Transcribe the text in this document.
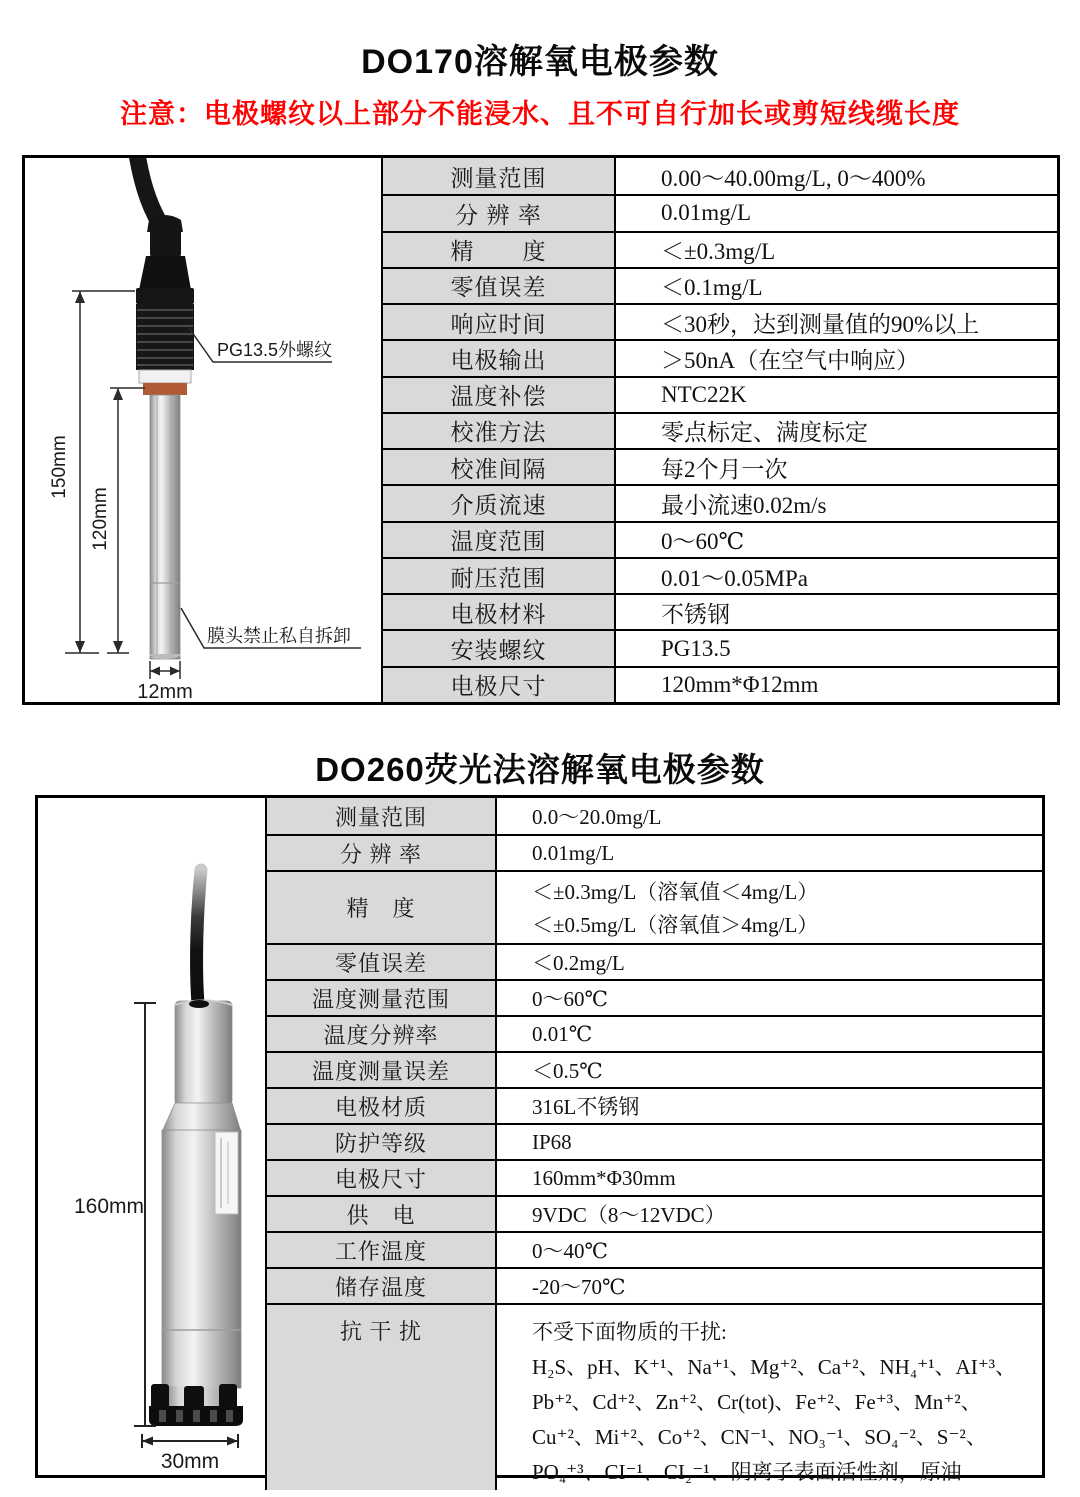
DO170溶解氧电极参数
注意：电极螺纹以上部分不能浸水、且不可自行加长或剪短线缆长度
150mm
120mm
12mm
PG13.5外螺纹
膜头禁止私自拆卸
测量范围	0.00～40.00mg/L, 0～400%
分 辨 率	0.01mg/L
精　　度	＜±0.3mg/L
零值误差	＜0.1mg/L
响应时间	＜30秒，达到测量值的90%以上
电极输出	＞50nA（在空气中响应）
温度补偿	NTC22K
校准方法	零点标定、满度标定
校准间隔	每2个月一次
介质流速	最小流速0.02m/s
温度范围	0～60℃
耐压范围	0.01～0.05MPa
电极材料	不锈钢
安装螺纹	PG13.5
电极尺寸	120mm*Φ12mm
DO260荧光法溶解氧电极参数
160mm
30mm
测量范围	0.0～20.0mg/L
分 辨 率	0.01mg/L
精　度
＜±0.3mg/L（溶氧值＜4mg/L）
＜±0.5mg/L（溶氧值＞4mg/L）
零值误差	＜0.2mg/L
温度测量范围	0～60℃
温度分辨率	0.01℃
温度测量误差	＜0.5℃
电极材质	316L不锈钢
防护等级	IP68
电极尺寸	160mm*Φ30mm
供　电	9VDC（8～12VDC）
工作温度	0～40℃
储存温度	-20～70℃
抗 干 扰	不受下面物质的干扰:
H₂S、pH、K⁺¹、Na⁺¹、Mg⁺²、Ca⁺²、NH₄⁺¹、AI⁺³、
Pb⁺²、Cd⁺²、Zn⁺²、Cr(tot)、Fe⁺²、Fe⁺³、Mn⁺²、
Cu⁺²、Mi⁺²、Co⁺²、CN⁻¹、NO₃⁻¹、SO₄⁻²、S⁻²、
PO₄⁺³、CI⁻¹、CI₂⁻¹、阴离子表面活性剂，原油
